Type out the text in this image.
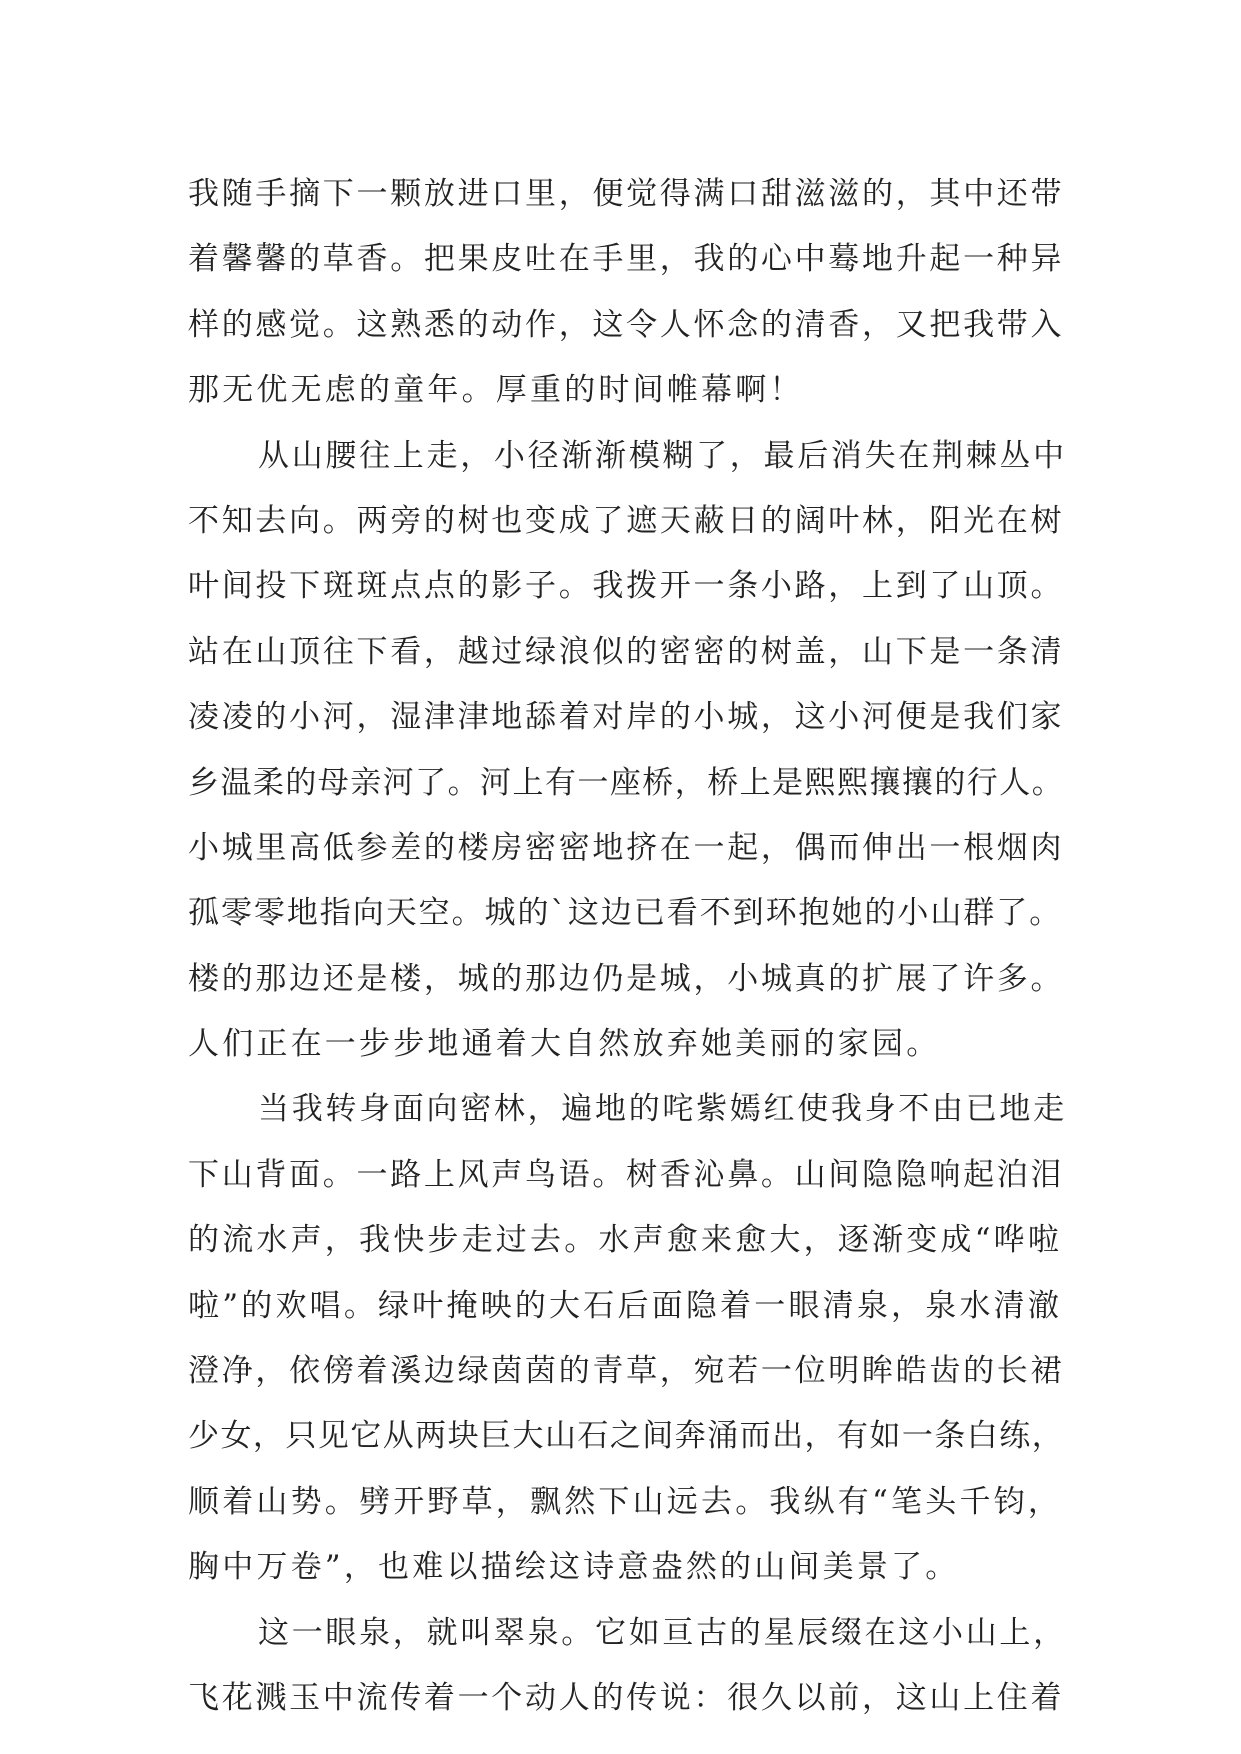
我随手摘下一颗放进口里，便觉得满口甜滋滋的，其中还带
着馨馨的草香。把果皮吐在手里，我的心中蓦地升起一种异
样的感觉。这熟悉的动作，这令人怀念的清香，又把我带入
那无优无虑的童年。厚重的时间帷幕啊！
从山腰往上走，小径渐渐模糊了，最后消失在荆棘丛中
不知去向。两旁的树也变成了遮天蔽日的阔叶林，阳光在树
叶间投下斑斑点点的影子。我拨开一条小路，上到了山顶。
站在山顶往下看，越过绿浪似的密密的树盖，山下是一条清
凌凌的小河，湿津津地舔着对岸的小城，这小河便是我们家
乡温柔的母亲河了。河上有一座桥，桥上是熙熙攘攘的行人。
小城里高低参差的楼房密密地挤在一起，偶而伸出一根烟肉
孤零零地指向天空。城的`这边已看不到环抱她的小山群了。
楼的那边还是楼，城的那边仍是城，小城真的扩展了许多。
人们正在一步步地通着大自然放弃她美丽的家园。
当我转身面向密林，遍地的咤紫嫣红使我身不由已地走
下山背面。一路上风声鸟语。树香沁鼻。山间隐隐响起泊泪
的流水声，我快步走过去。水声愈来愈大，逐渐变成“哗啦
啦”的欢唱。绿叶掩映的大石后面隐着一眼清泉，泉水清澈
澄净，依傍着溪边绿茵茵的青草，宛若一位明眸皓齿的长裙
少女，只见它从两块巨大山石之间奔涌而出，有如一条白练，
顺着山势。劈开野草，飘然下山远去。我纵有“笔头千钧，
胸中万卷”，也难以描绘这诗意盎然的山间美景了。
这一眼泉，就叫翠泉。它如亘古的星辰缀在这小山上，
飞花溅玉中流传着一个动人的传说：很久以前，这山上住着
